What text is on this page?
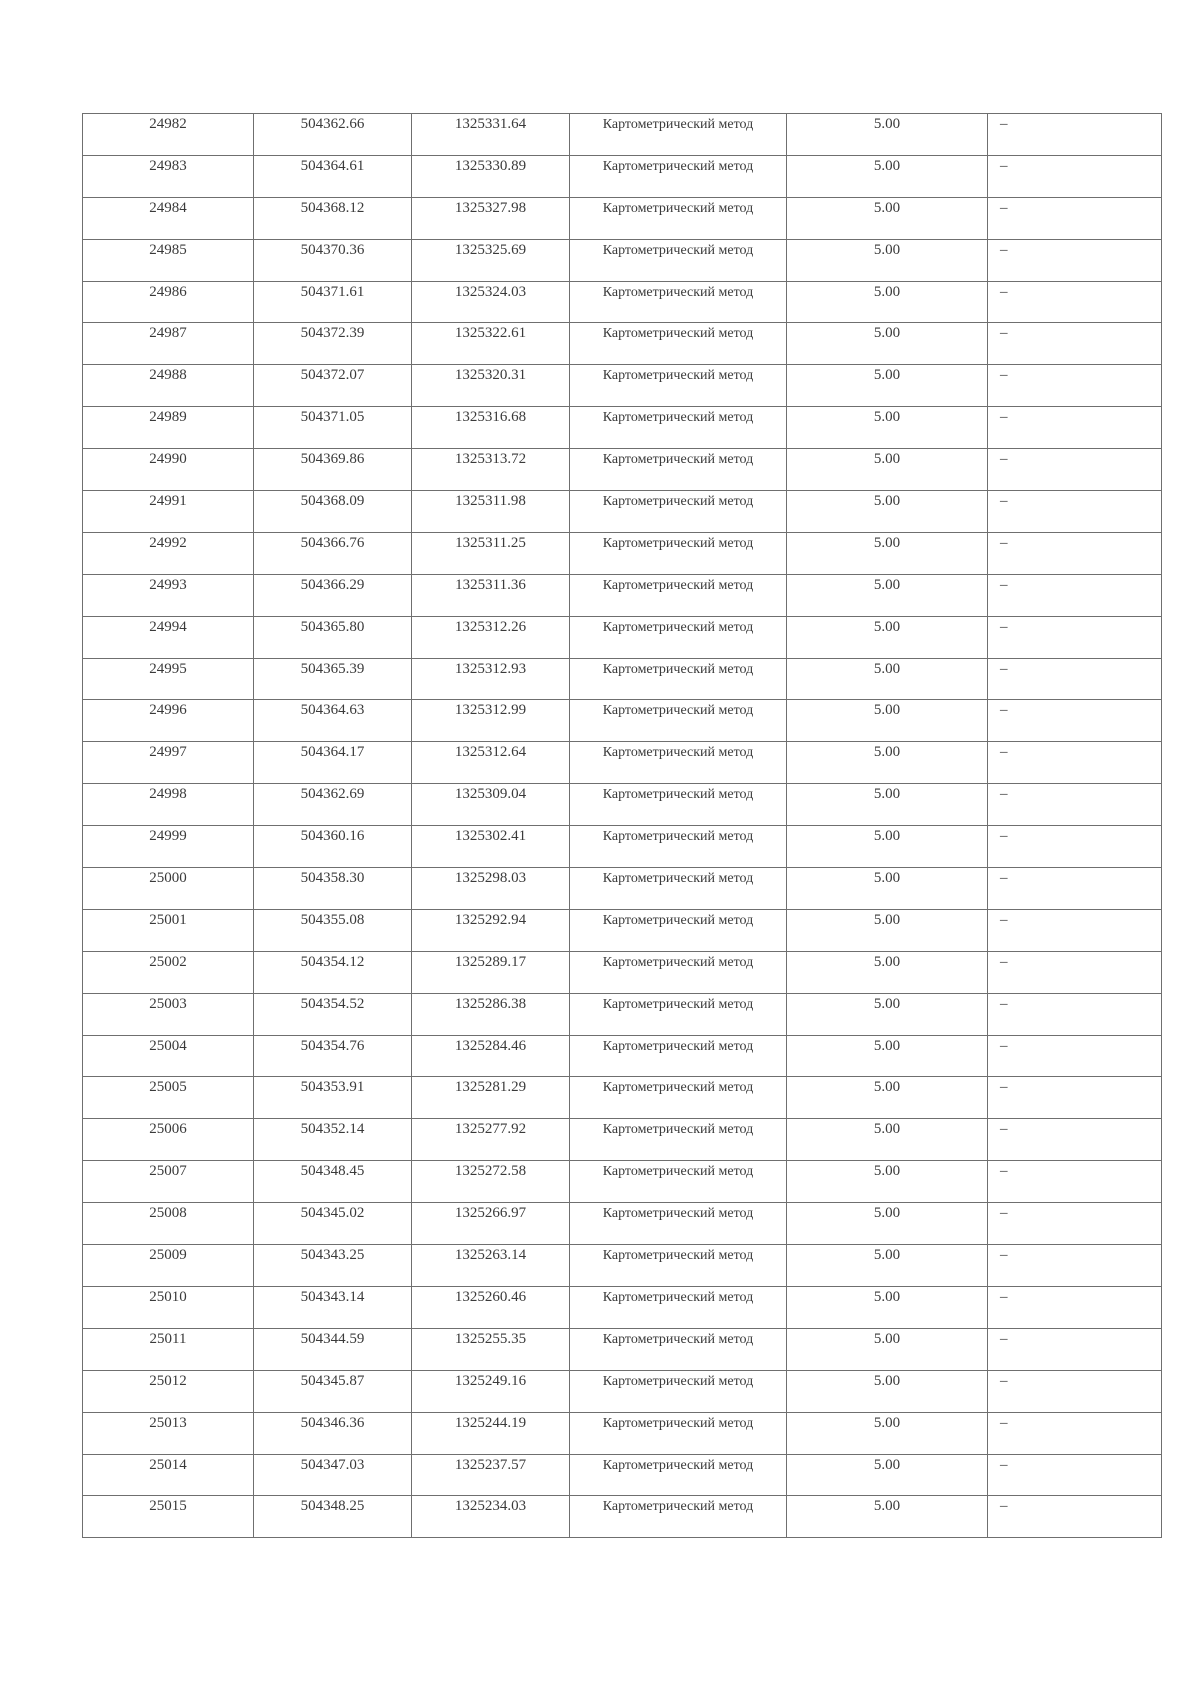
24982	504362.66	1325331.64	Картометрический метод	5.00	–
24983	504364.61	1325330.89	Картометрический метод	5.00	–
24984	504368.12	1325327.98	Картометрический метод	5.00	–
24985	504370.36	1325325.69	Картометрический метод	5.00	–
24986	504371.61	1325324.03	Картометрический метод	5.00	–
24987	504372.39	1325322.61	Картометрический метод	5.00	–
24988	504372.07	1325320.31	Картометрический метод	5.00	–
24989	504371.05	1325316.68	Картометрический метод	5.00	–
24990	504369.86	1325313.72	Картометрический метод	5.00	–
24991	504368.09	1325311.98	Картометрический метод	5.00	–
24992	504366.76	1325311.25	Картометрический метод	5.00	–
24993	504366.29	1325311.36	Картометрический метод	5.00	–
24994	504365.80	1325312.26	Картометрический метод	5.00	–
24995	504365.39	1325312.93	Картометрический метод	5.00	–
24996	504364.63	1325312.99	Картометрический метод	5.00	–
24997	504364.17	1325312.64	Картометрический метод	5.00	–
24998	504362.69	1325309.04	Картометрический метод	5.00	–
24999	504360.16	1325302.41	Картометрический метод	5.00	–
25000	504358.30	1325298.03	Картометрический метод	5.00	–
25001	504355.08	1325292.94	Картометрический метод	5.00	–
25002	504354.12	1325289.17	Картометрический метод	5.00	–
25003	504354.52	1325286.38	Картометрический метод	5.00	–
25004	504354.76	1325284.46	Картометрический метод	5.00	–
25005	504353.91	1325281.29	Картометрический метод	5.00	–
25006	504352.14	1325277.92	Картометрический метод	5.00	–
25007	504348.45	1325272.58	Картометрический метод	5.00	–
25008	504345.02	1325266.97	Картометрический метод	5.00	–
25009	504343.25	1325263.14	Картометрический метод	5.00	–
25010	504343.14	1325260.46	Картометрический метод	5.00	–
25011	504344.59	1325255.35	Картометрический метод	5.00	–
25012	504345.87	1325249.16	Картометрический метод	5.00	–
25013	504346.36	1325244.19	Картометрический метод	5.00	–
25014	504347.03	1325237.57	Картометрический метод	5.00	–
25015	504348.25	1325234.03	Картометрический метод	5.00	–
